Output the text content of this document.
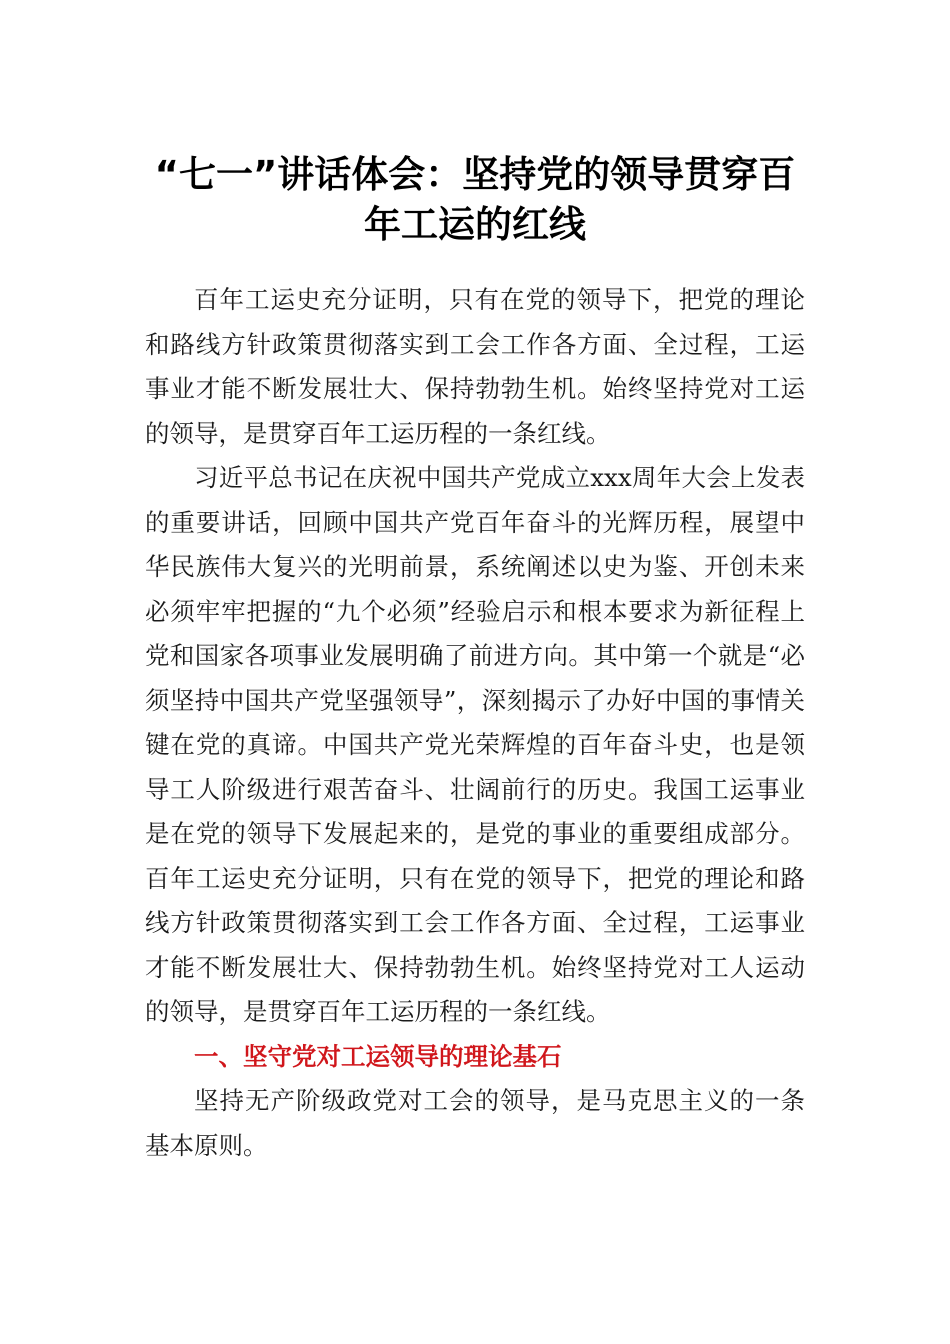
“七一”讲话体会：坚持党的领导贯穿百年工运的红线

百年工运史充分证明，只有在党的领导下，把党的理论和路线方针政策贯彻落实到工会工作各方面、全过程，工运事业才能不断发展壮大、保持勃勃生机。始终坚持党对工运的领导，是贯穿百年工运历程的一条红线。

习近平总书记在庆祝中国共产党成立xxx周年大会上发表的重要讲话，回顾中国共产党百年奋斗的光辉历程，展望中华民族伟大复兴的光明前景，系统阐述以史为鉴、开创未来必须牢牢把握的“九个必须”经验启示和根本要求为新征程上党和国家各项事业发展明确了前进方向。其中第一个就是“必须坚持中国共产党坚强领导”，深刻揭示了办好中国的事情关键在党的真谛。中国共产党光荣辉煌的百年奋斗史，也是领导工人阶级进行艰苦奋斗、壮阔前行的历史。我国工运事业是在党的领导下发展起来的，是党的事业的重要组成部分。百年工运史充分证明，只有在党的领导下，把党的理论和路线方针政策贯彻落实到工会工作各方面、全过程，工运事业才能不断发展壮大、保持勃勃生机。始终坚持党对工人运动的领导，是贯穿百年工运历程的一条红线。

一、坚守党对工运领导的理论基石

坚持无产阶级政党对工会的领导，是马克思主义的一条基本原则。
